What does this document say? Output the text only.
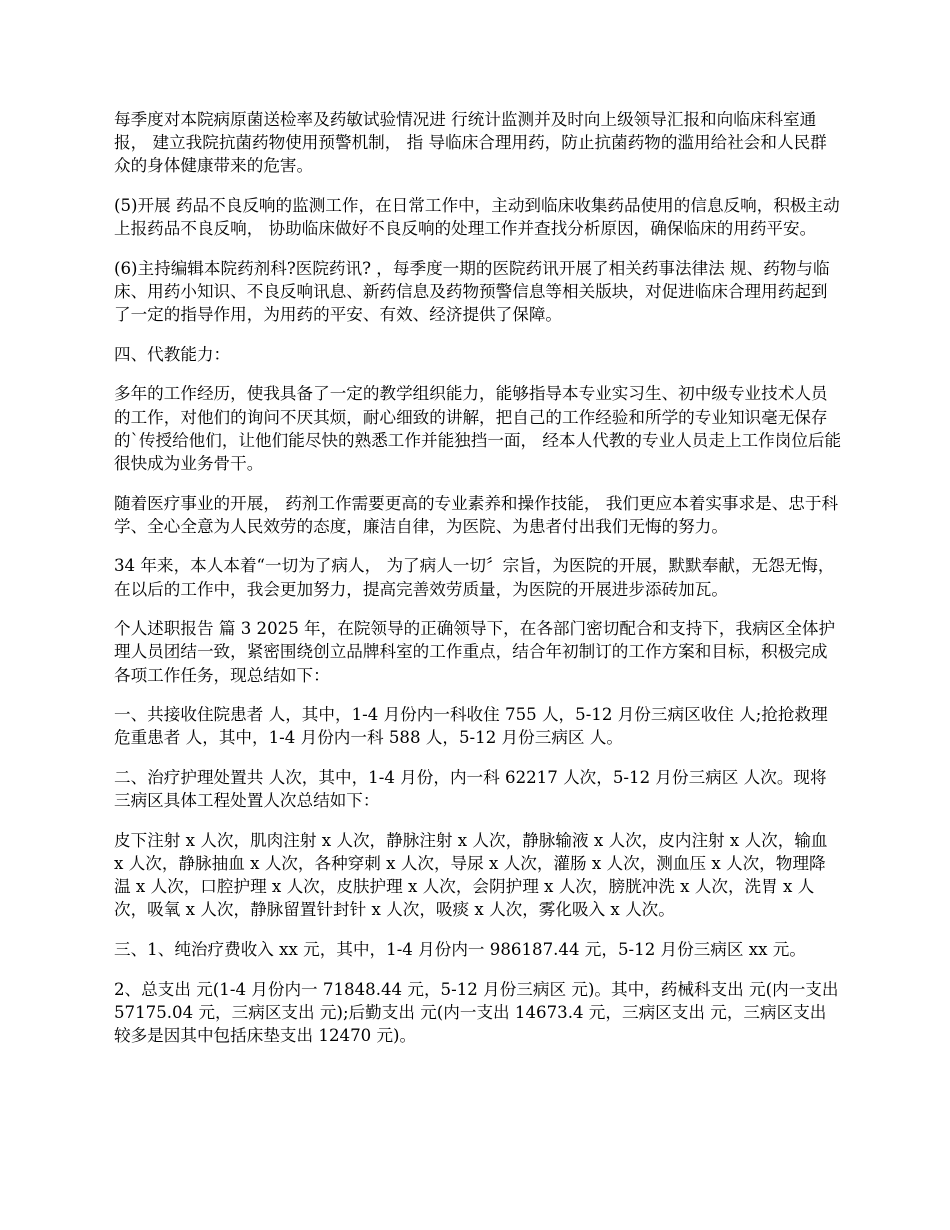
每季度对本院病原菌送检率及药敏试验情况进 行统计监测并及时向上级领导汇报和向临床科室通报， 建立我院抗菌药物使用预警机制， 指 导临床合理用药，防止抗菌药物的滥用给社会和人民群众的身体健康带来的危害。

(5)开展 药品不良反响的监测工作，在日常工作中，主动到临床收集药品使用的信息反响，积极主动 上报药品不良反响， 协助临床做好不良反响的处理工作并查找分析原因，确保临床的用药平安。

(6)主持编辑本院药剂科?医院药讯? ，每季度一期的医院药讯开展了相关药事法律法 规、药物与临床、用药小知识、不良反响讯息、新药信息及药物预警信息等相关版块，对促进临床合理用药起到了一定的指导作用，为用药的平安、有效、经济提供了保障。

四、代教能力：

多年的工作经历，使我具备了一定的教学组织能力，能够指导本专业实习生、初中级专业技术人员的工作，对他们的询问不厌其烦，耐心细致的讲解，把自己的工作经验和所学的专业知识毫无保存的`传授给他们，让他们能尽快的熟悉工作并能独挡一面， 经本人代教的专业人员走上工作岗位后能很快成为业务骨干。

随着医疗事业的开展， 药剂工作需要更高的专业素养和操作技能， 我们更应本着实事求是、忠于科学、全心全意为人民效劳的态度，廉洁自律，为医院、为患者付出我们无悔的努力。

34 年来，本人本着“一切为了病人， 为了病人一切〞宗旨，为医院的开展，默默奉献，无怨无悔，在以后的工作中，我会更加努力，提高完善效劳质量，为医院的开展进步添砖加瓦。

个人述职报告 篇 3 2025 年，在院领导的正确领导下，在各部门密切配合和支持下，我病区全体护理人员团结一致，紧密围绕创立品牌科室的工作重点，结合年初制订的工作方案和目标，积极完成各项工作任务，现总结如下：

一、共接收住院患者 人，其中，1-4 月份内一科收住 755 人，5-12 月份三病区收住 人;抢抢救理危重患者 人，其中，1-4 月份内一科 588 人，5-12 月份三病区 人。

二、治疗护理处置共 人次，其中，1-4 月份，内一科 62217 人次，5-12 月份三病区 人次。现将三病区具体工程处置人次总结如下：

皮下注射 x 人次，肌肉注射 x 人次，静脉注射 x 人次，静脉输液 x 人次，皮内注射 x 人次，输血 x 人次，静脉抽血 x 人次，各种穿刺 x 人次，导尿 x 人次，灌肠 x 人次，测血压 x 人次，物理降温 x 人次，口腔护理 x 人次，皮肤护理 x 人次，会阴护理 x 人次，膀胱冲洗 x 人次，洗胃 x 人次，吸氧 x 人次，静脉留置针封针 x 人次，吸痰 x 人次，雾化吸入 x 人次。

三、1、纯治疗费收入 xx 元，其中，1-4 月份内一 986187.44 元，5-12 月份三病区 xx 元。

2、总支出 元(1-4 月份内一 71848.44 元，5-12 月份三病区 元)。其中，药械科支出 元(内一支出 57175.04 元，三病区支出 元);后勤支出 元(内一支出 14673.4 元，三病区支出 元，三病区支出较多是因其中包括床垫支出 12470 元)。
